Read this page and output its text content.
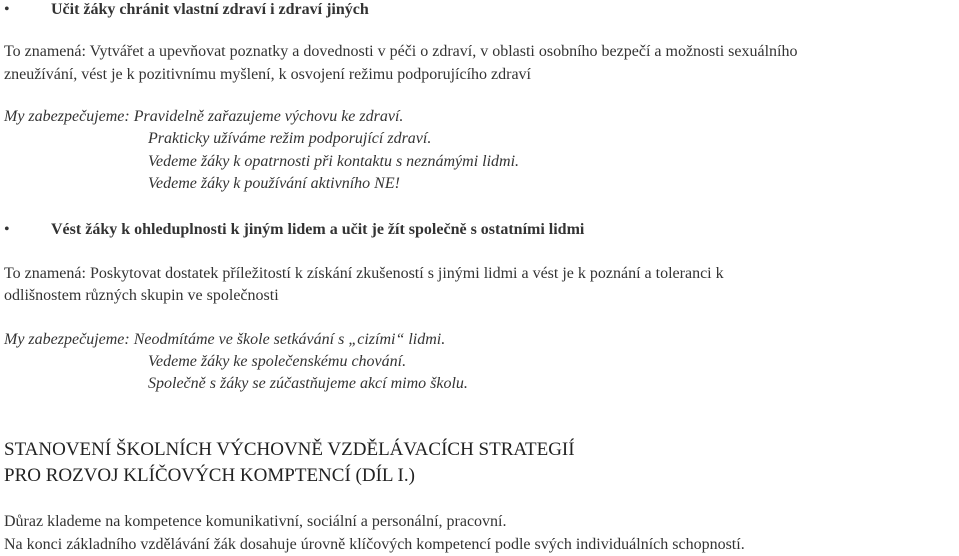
•	Učit žáky chránit vlastní zdraví i zdraví jiných
To znamená: Vytvářet a upevňovat poznatky a dovednosti v péči o zdraví, v oblasti osobního bezpečí a možnosti sexuálního
zneužívání, vést je k pozitivnímu myšlení, k osvojení režimu podporujícího zdraví
My zabezpečujeme: Pravidelně zařazujeme výchovu ke zdraví.
Prakticky užíváme režim podporující zdraví.
Vedeme žáky k opatrnosti při kontaktu s neznámými lidmi.
Vedeme žáky k používání aktivního NE!
•	Vést žáky k ohleduplnosti k jiným lidem a učit je žít společně s ostatními lidmi
To znamená: Poskytovat dostatek příležitostí k získání zkušeností s jinými lidmi a vést je k poznání a toleranci k
odlišnostem různých skupin ve společnosti
My zabezpečujeme: Neodmítáme ve škole setkávání s „cizími“ lidmi.
Vedeme žáky ke společenskému chování.
Společně s žáky se zúčastňujeme akcí mimo školu.
STANOVENÍ ŠKOLNÍCH VÝCHOVNĚ VZDĚLÁVACÍCH STRATEGIÍ
PRO ROZVOJ KLÍČOVÝCH KOMPTENCÍ (DÍL I.)
Důraz klademe na kompetence komunikativní, sociální a personální, pracovní.
Na konci základního vzdělávání žák dosahuje úrovně klíčových kompetencí podle svých individuálních schopností.
